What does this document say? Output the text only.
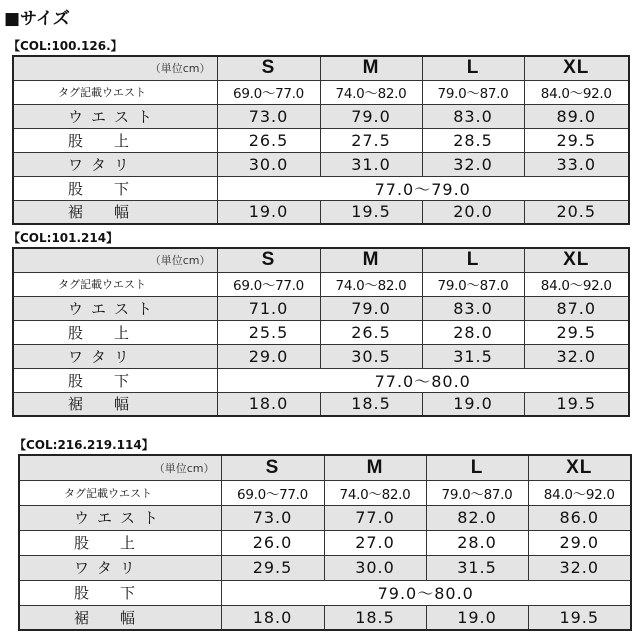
■サイズ
【COL:100.126.】
（単位cm）	S	M	L	XL

タグ記載ウエスト	69.0～77.0	74.0～82.0	79.0～87.0	84.0～92.0

ウエスト	73.0	79.0	83.0	89.0

股　上	26.5	27.5	28.5	29.5

ワタリ	30.0	31.0	32.0	33.0

股　下	77.0～79.0			

裾　幅	19.0	19.5	20.0	20.5
【COL:101.214】
（単位cm）	S	M	L	XL

タグ記載ウエスト	69.0～77.0	74.0～82.0	79.0～87.0	84.0～92.0

ウエスト	71.0	79.0	83.0	87.0

股　上	25.5	26.5	28.0	29.5

ワタリ	29.0	30.5	31.5	32.0

股　下	77.0～80.0			

裾　幅	18.0	18.5	19.0	19.5
【COL:216.219.114】
（単位cm）	S	M	L	XL

タグ記載ウエスト	69.0～77.0	74.0～82.0	79.0～87.0	84.0～92.0

ウエスト	73.0	77.0	82.0	86.0

股　上	26.0	27.0	28.0	29.0

ワタリ	29.5	30.0	31.5	32.0

股　下	79.0～80.0			

裾　幅	18.0	18.5	19.0	19.5
